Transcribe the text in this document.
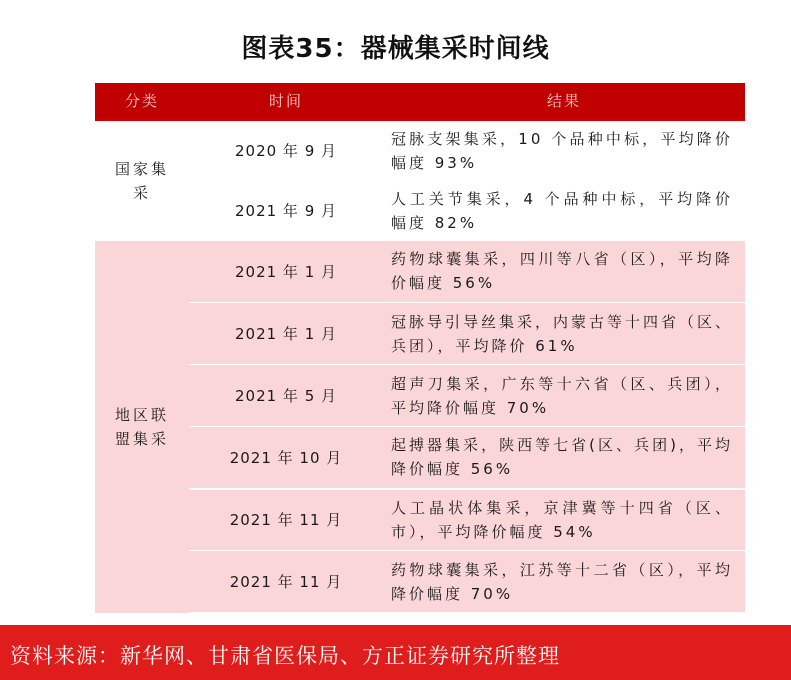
图表35：器械集采时间线
分类	时间	结果

国家集采	2020 年 9 月	冠脉支架集采，10 个品种中标，平均降价幅度 93%
	2021 年 9 月	人工关节集采，4 个品种中标，平均降价幅度 82%

地区联盟集采	2021 年 1 月	药物球囊集采，四川等八省（区），平均降价幅度 56%
	2021 年 1 月	冠脉导引导丝集采，内蒙古等十四省（区、兵团），平均降价 61%
	2021 年 5 月	超声刀集采，广东等十六省（区、兵团），平均降价幅度 70%
	2021 年 10 月	起搏器集采，陕西等七省(区、兵团)，平均降价幅度 56%
	2021 年 11 月	人工晶状体集采，京津冀等十四省（区、市），平均降价幅度 54%
	2021 年 11 月	药物球囊集采，江苏等十二省（区），平均降价幅度 70%
资料来源：新华网、甘肃省医保局、方正证券研究所整理
